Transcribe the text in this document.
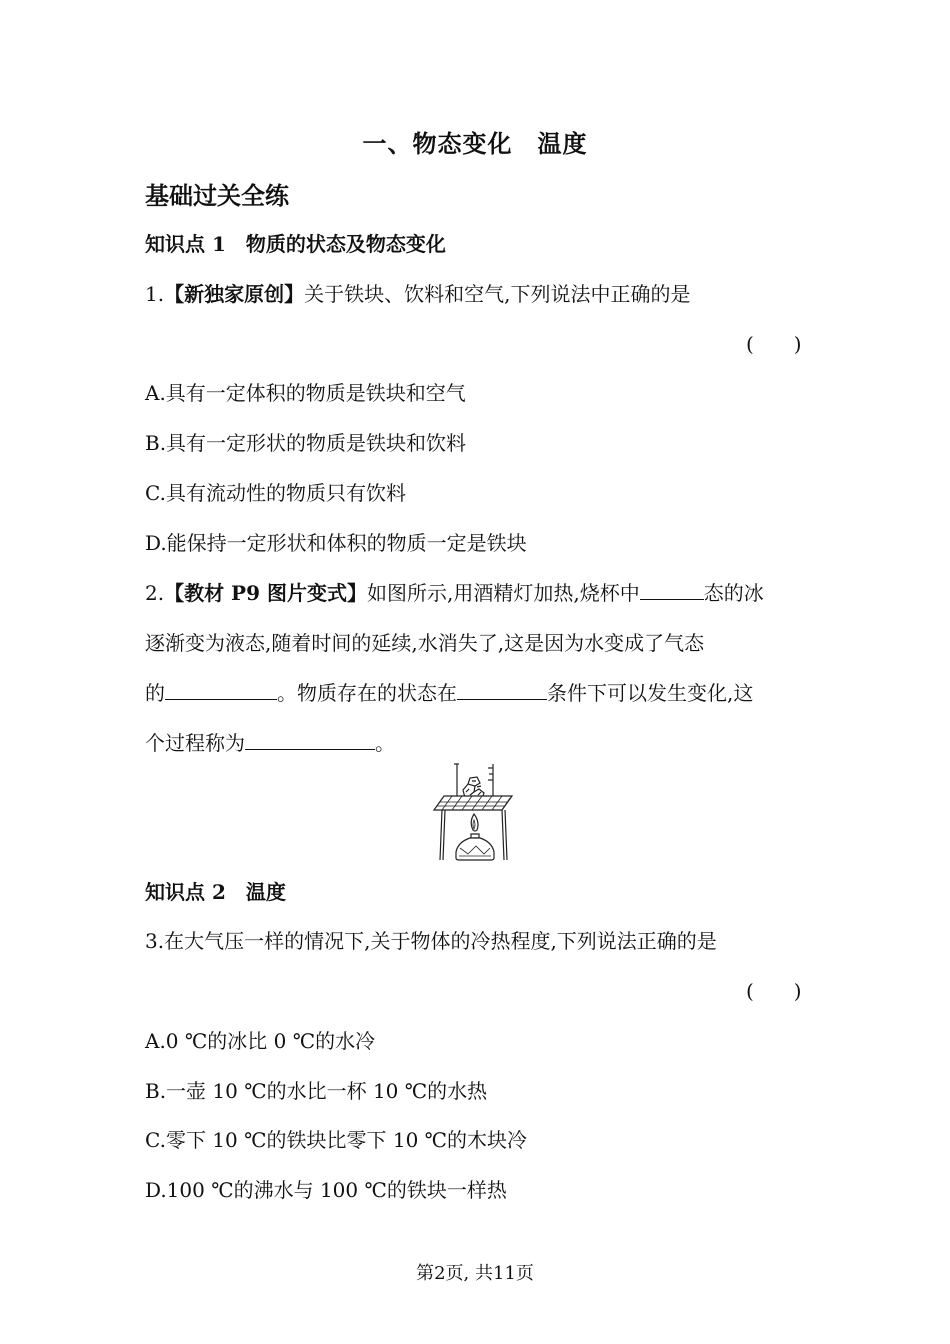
一、物态变化　温度
基础过关全练
知识点 1　物质的状态及物态变化
1.【新独家原创】关于铁块、饮料和空气,下列说法中正确的是
(　　)
A.具有一定体积的物质是铁块和空气
B.具有一定形状的物质是铁块和饮料
C.具有流动性的物质只有饮料
D.能保持一定形状和体积的物质一定是铁块
2.【教材 P9 图片变式】如图所示,用酒精灯加热,烧杯中	态的冰
逐渐变为液态,随着时间的延续,水消失了,这是因为水变成了气态
的	。物质存在的状态在	条件下可以发生变化,这
个过程称为	。
知识点 2　温度
3.在大气压一样的情况下,关于物体的冷热程度,下列说法正确的是
(　　)
A.0 ℃的冰比 0 ℃的水冷
B.一壶 10 ℃的水比一杯 10 ℃的水热
C.零下 10 ℃的铁块比零下 10 ℃的木块冷
D.100 ℃的沸水与 100 ℃的铁块一样热
第2页, 共11页
